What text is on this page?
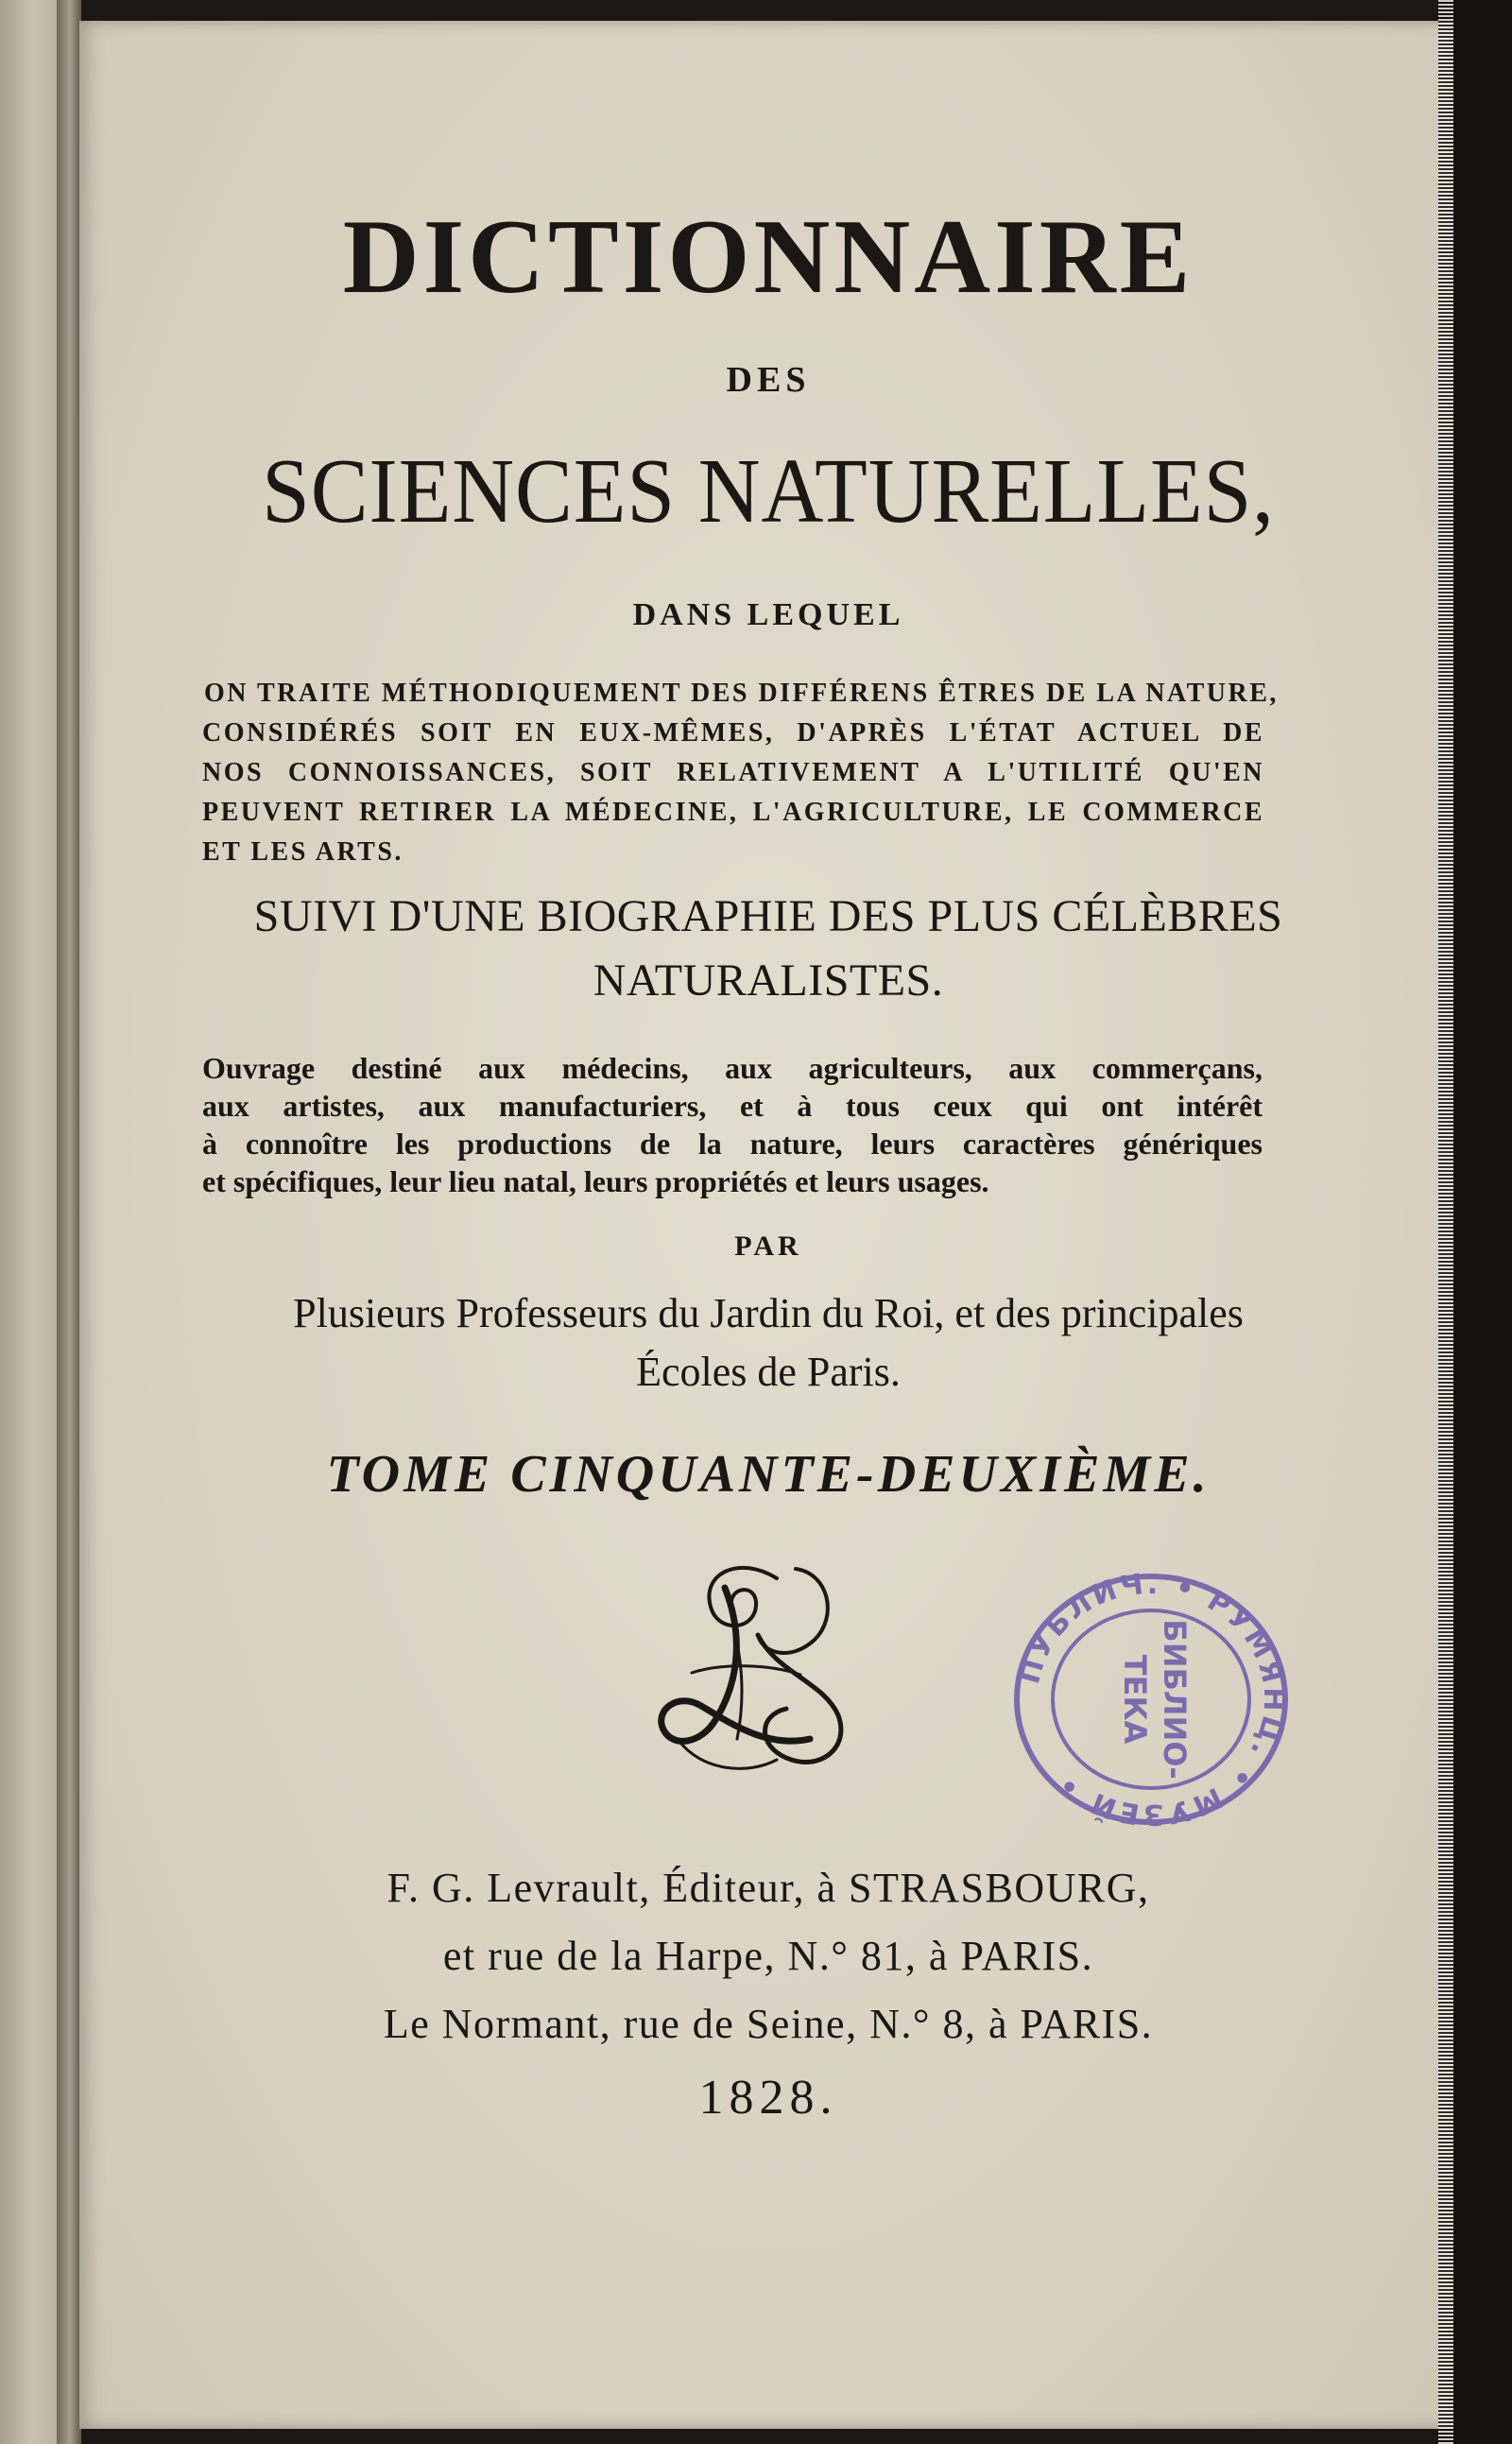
DICTIONNAIRE
DES
SCIENCES NATURELLES,
DANS LEQUEL
ON TRAITE MÉTHODIQUEMENT DES DIFFÉRENS ÊTRES DE LA NATURE,
CONSIDÉRÉS SOIT EN EUX-MÊMES, D'APRÈS L'ÉTAT ACTUEL DE
NOS CONNOISSANCES, SOIT RELATIVEMENT A L'UTILITÉ QU'EN
PEUVENT RETIRER LA MÉDECINE, L'AGRICULTURE, LE COMMERCE
ET LES ARTS.
SUIVI D'UNE BIOGRAPHIE DES PLUS CÉLÈBRES
NATURALISTES.
Ouvrage destiné aux médecins, aux agriculteurs, aux commerçans,
aux artistes, aux manufacturiers, et à tous ceux qui ont intérêt
à connoître les productions de la nature, leurs caractères génériques
et spécifiques, leur lieu natal, leurs propriétés et leurs usages.
PAR
Plusieurs Professeurs du Jardin du Roi, et des principales
Écoles de Paris.
TOME CINQUANTE-DEUXIÈME.
ПУБЛИЧ. • РУМЯНЦ. • МУЗЕЙ •
БИБЛИО-
ТЕКА
F. G. Levrault, Éditeur, à STRASBOURG,
et rue de la Harpe, N.° 81, à PARIS.
Le Normant, rue de Seine, N.° 8, à PARIS.
1828.
